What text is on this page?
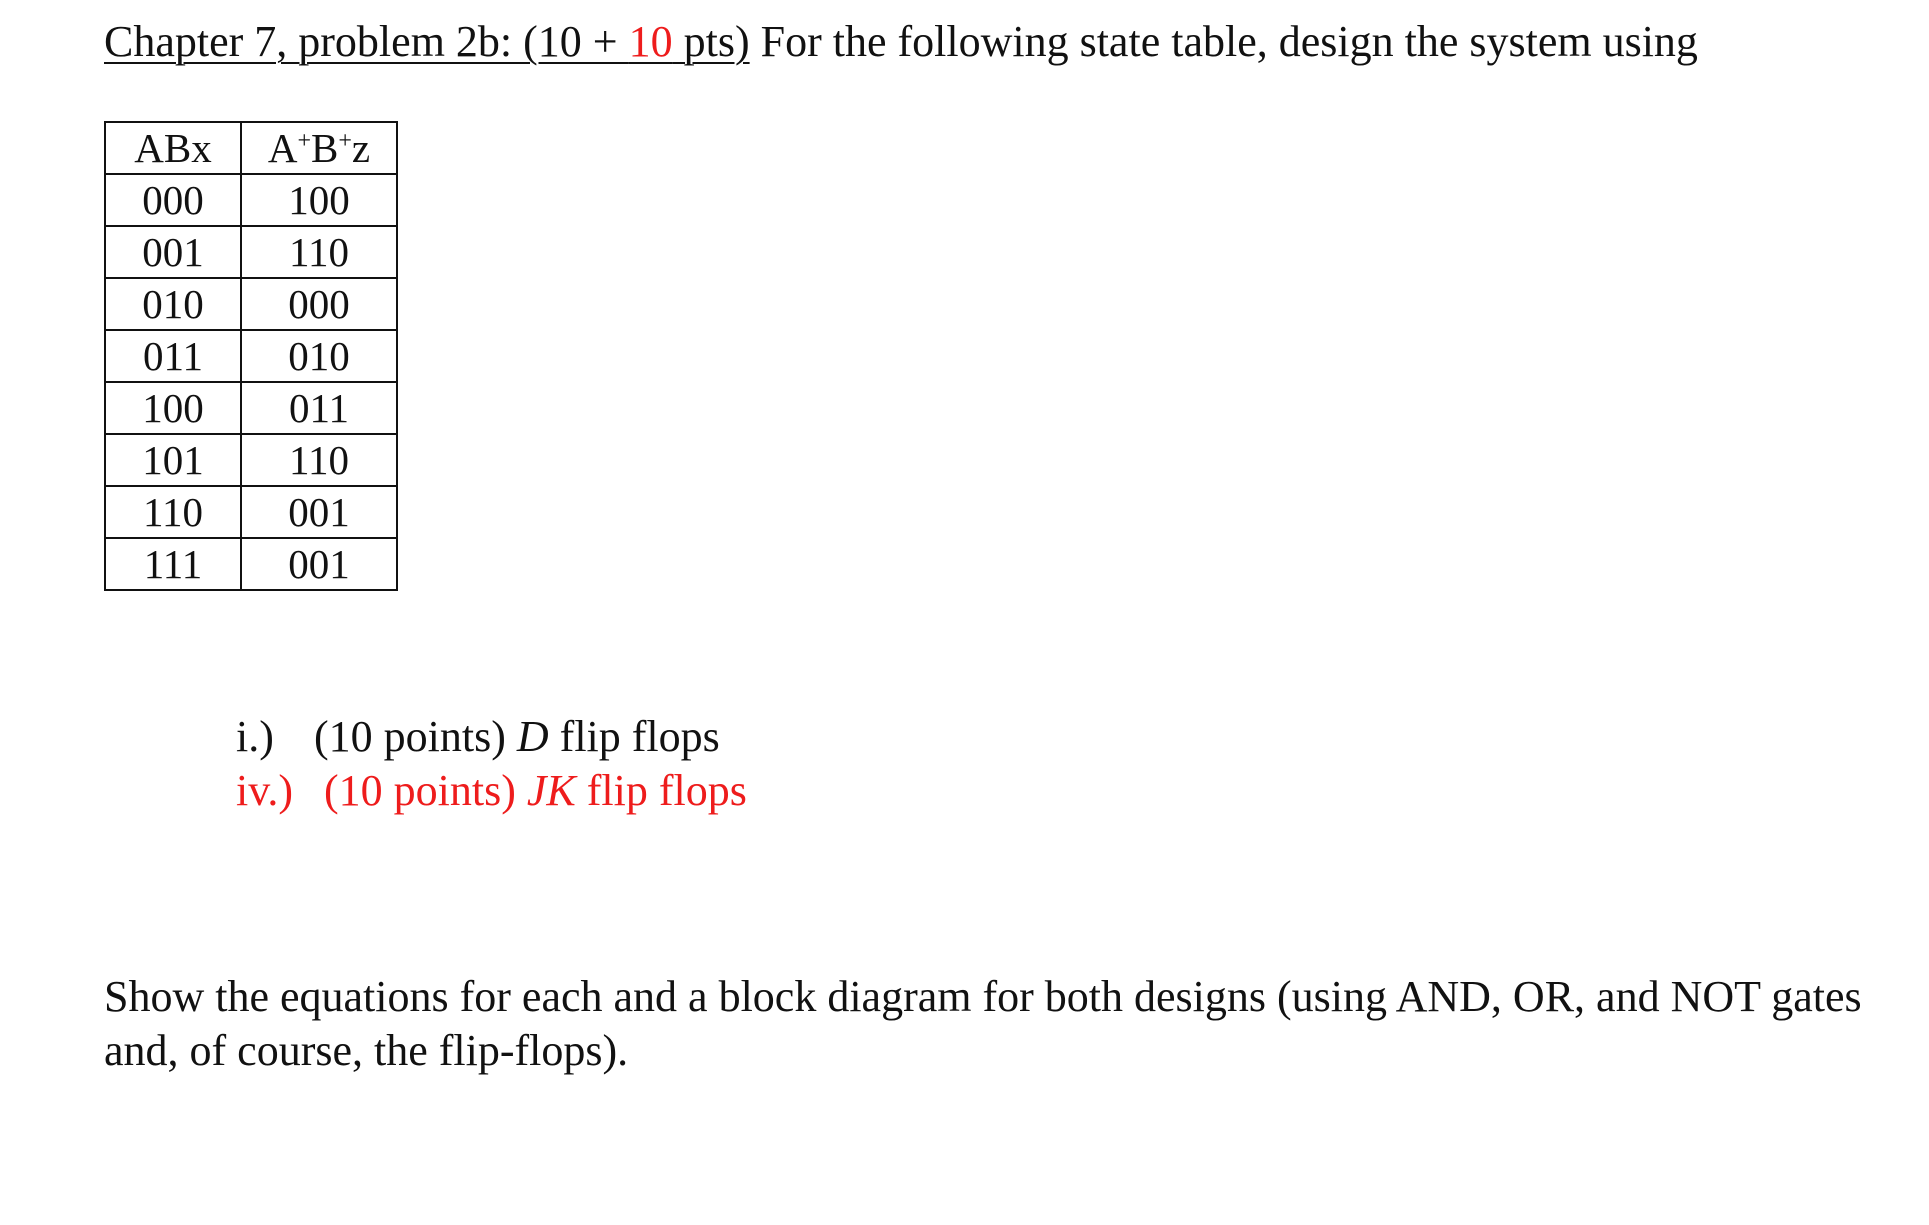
Chapter 7, problem 2b: (10 + 10 pts) For the following state table, design the system using
ABx	A+B+z
000	100
001	110
010	000
011	010
100	011
101	110
110	001
111	001
i.) (10 points) D flip flops
iv.) (10 points) JK flip flops
Show the equations for each and a block diagram for both designs (using AND, OR, and NOT gates and, of course, the flip-flops).
